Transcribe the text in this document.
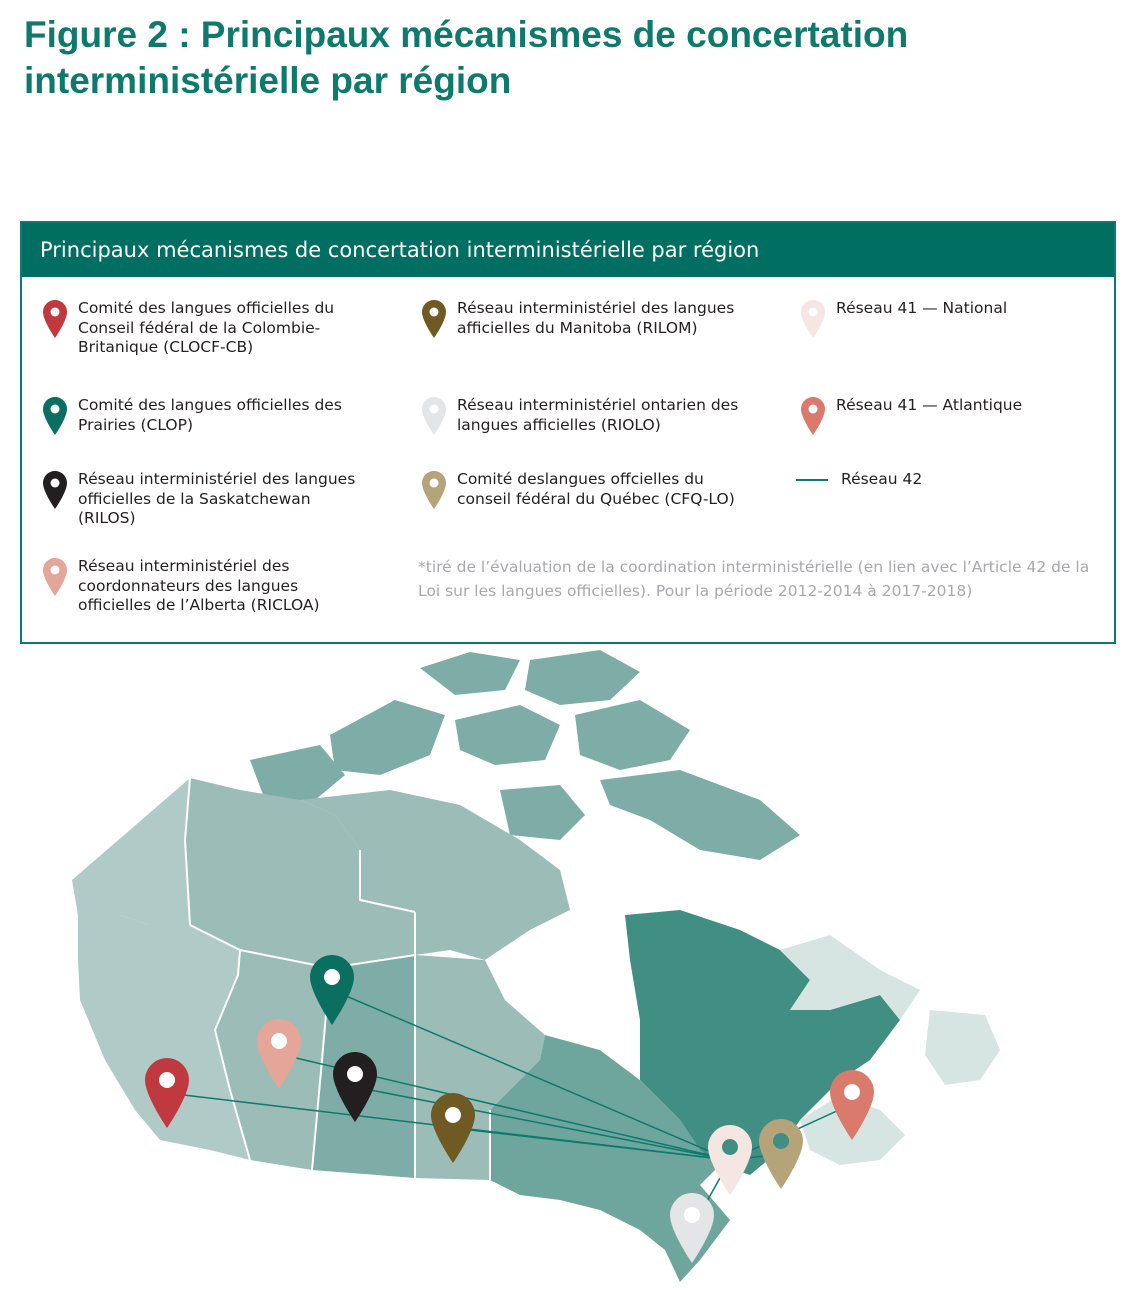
Figure 2 : Principaux mécanismes de concertation interministérielle par région
Principaux mécanismes de concertation interministérielle par région
Comité des langues officielles du Conseil fédéral de la Colombie-Britanique (CLOCF-CB)
Comité des langues officielles des Prairies (CLOP)
Réseau interministériel des langues officielles de la Saskatchewan (RILOS)
Réseau interministériel des coordonnateurs des langues officielles de l’Alberta (RICLOA)
Réseau interministériel des langues afficielles du Manitoba (RILOM)
Réseau interministériel ontarien des langues afficielles (RIOLO)
Comité deslangues offcielles du conseil fédéral du Québec (CFQ-LO)
Réseau 41 — National
Réseau 41 — Atlantique
Réseau 42
*tiré de l’évaluation de la coordination interministérielle (en lien avec l’Article 42 de la Loi sur les langues officielles). Pour la période 2012-2014 à 2017-2018)
